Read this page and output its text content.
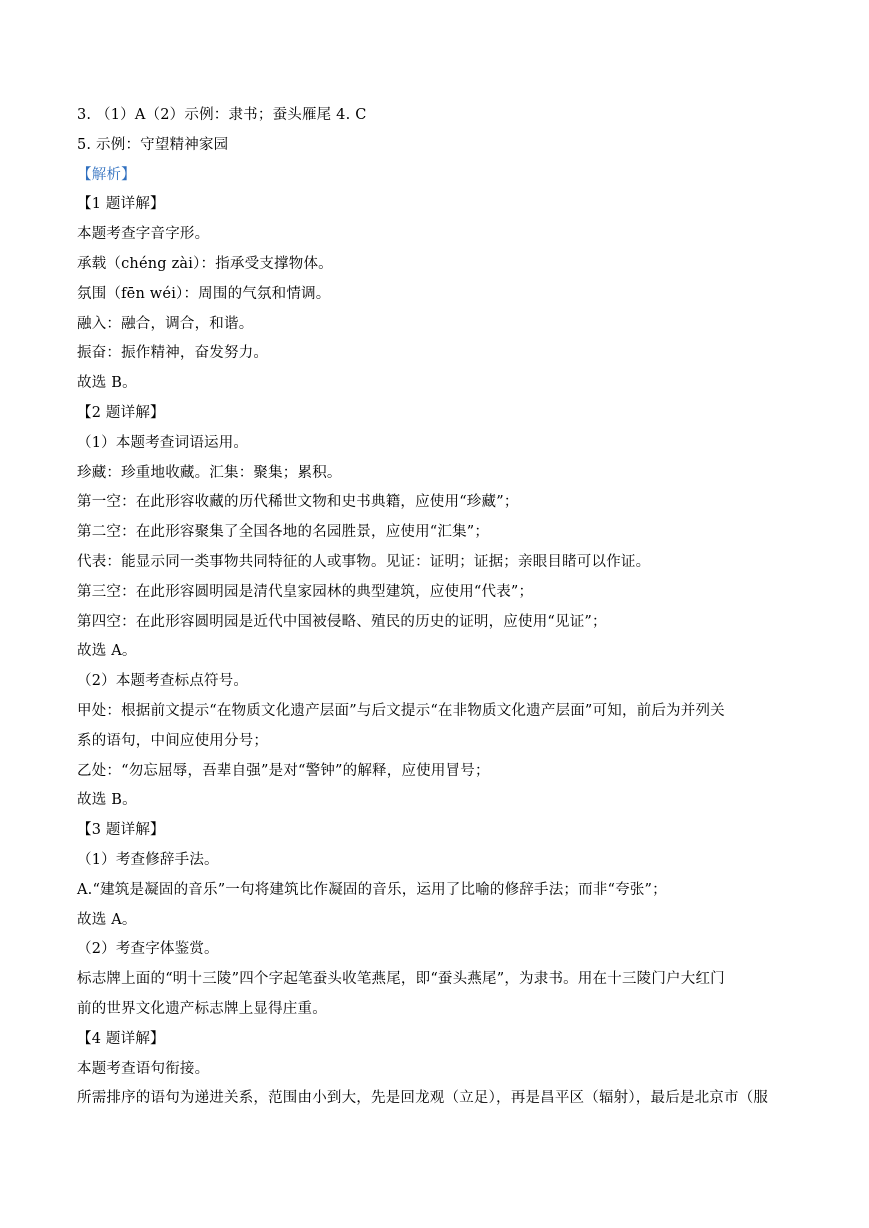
3. （1）A（2）示例：隶书；蚕头雁尾 4. C
5. 示例：守望精神家园
【解析】
【1 题详解】
本题考查字音字形。
承载（chéng zài）：指承受支撑物体。
氛围（fēn wéi）：周围的气氛和情调。
融入：融合，调合，和谐。
振奋：振作精神，奋发努力。
故选 B。
【2 题详解】
（1）本题考查词语运用。
珍藏：珍重地收藏。汇集：聚集；累积。
第一空：在此形容收藏的历代稀世文物和史书典籍，应使用“珍藏”；
第二空：在此形容聚集了全国各地的名园胜景，应使用“汇集”；
代表：能显示同一类事物共同特征的人或事物。见证：证明；证据；亲眼目睹可以作证。
第三空：在此形容圆明园是清代皇家园林的典型建筑，应使用“代表”；
第四空：在此形容圆明园是近代中国被侵略、殖民的历史的证明，应使用“见证”；
故选 A。
（2）本题考查标点符号。
甲处：根据前文提示“在物质文化遗产层面”与后文提示“在非物质文化遗产层面”可知，前后为并列关
系的语句，中间应使用分号；
乙处：“勿忘屈辱，吾辈自强”是对“警钟”的解释，应使用冒号；
故选 B。
【3 题详解】
（1）考查修辞手法。
A.“建筑是凝固的音乐”一句将建筑比作凝固的音乐，运用了比喻的修辞手法；而非“夸张”；
故选 A。
（2）考查字体鉴赏。
标志牌上面的“明十三陵”四个字起笔蚕头收笔燕尾，即“蚕头燕尾”，为隶书。用在十三陵门户大红门
前的世界文化遗产标志牌上显得庄重。
【4 题详解】
本题考查语句衔接。
所需排序的语句为递进关系，范围由小到大，先是回龙观（立足），再是昌平区（辐射），最后是北京市（服
